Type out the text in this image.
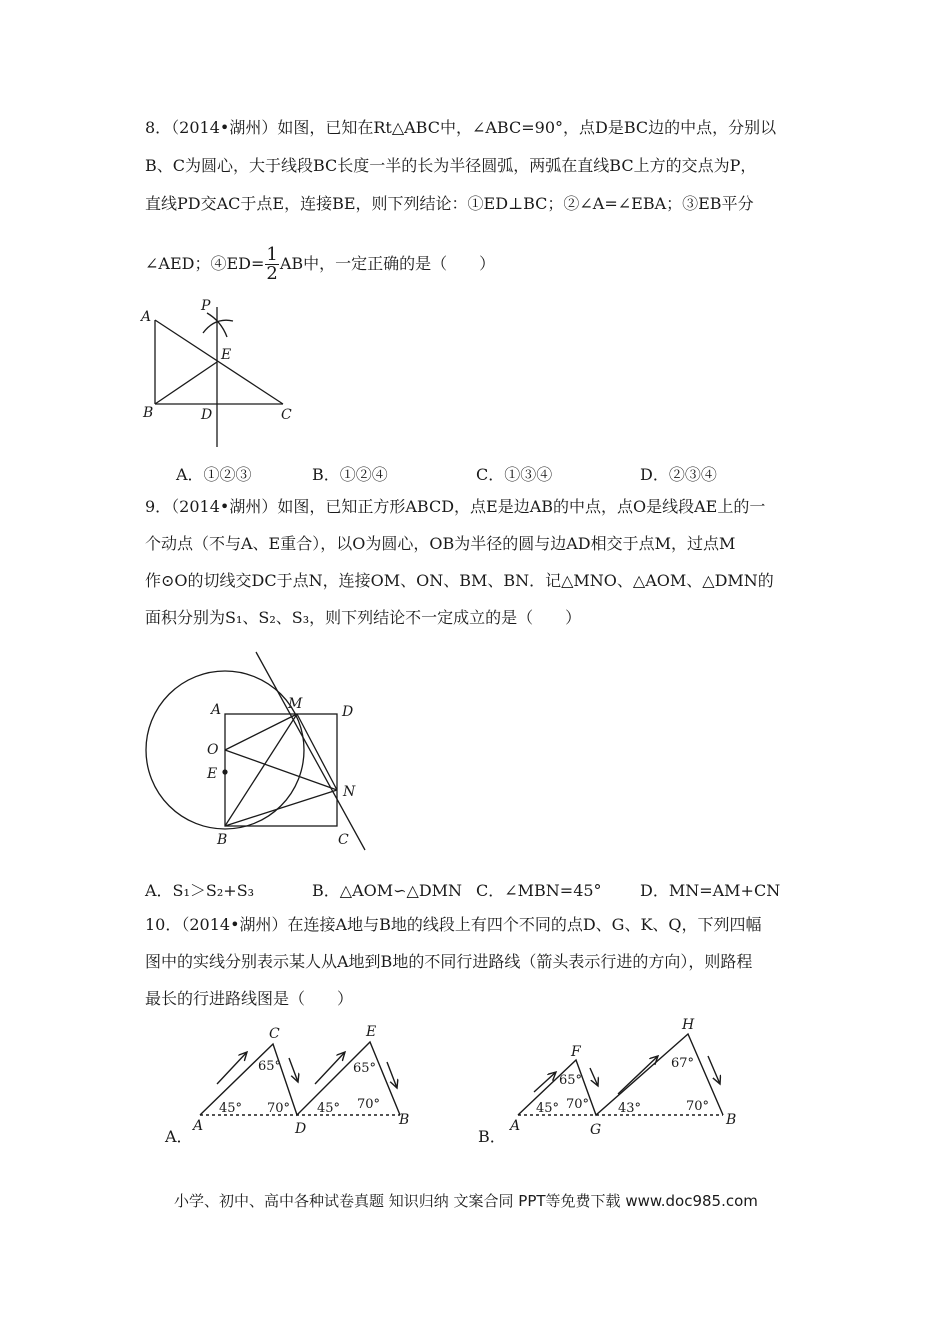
8．（2014•湖州）如图，已知在Rt△ABC中，∠ABC=90°，点D是BC边的中点，分别以
B、C为圆心，大于线段BC长度一半的长为半径圆弧，两弧在直线BC上方的交点为P，
直线PD交AC于点E，连接BE，则下列结论：①ED⊥BC；②∠A=∠EBA；③EB平分
∠AED；④ED= $\frac{1}{2}$ AB中，一定正确的是（　　）
A
P
E
B	D	C
A．①②③	B．①②④	C．①③④	D．②③④
9．（2014•湖州）如图，已知正方形ABCD，点E是边AB的中点，点O是线段AE上的一
个动点（不与A、E重合），以O为圆心，OB为半径的圆与边AD相交于点M，过点M
作⊙O的切线交DC于点N，连接OM、ON、BM、BN．记△MNO、△AOM、△DMN的
面积分别为S₁、S₂、S₃，则下列结论不一定成立的是（　　）
A	M	D
O
E
N
B	C
A．S₁＞S₂+S₃	B．△AOM∽△DMN C．∠MBN=45° D．MN=AM+CN
10．（2014•湖州）在连接A地与B地的线段上有四个不同的点D、G、K、Q，下列四幅
图中的实线分别表示某人从A地到B地的不同行进路线（箭头表示行进的方向），则路程
最长的行进路线图是（　　）
A．
C	E
A	D
B
45°
65°
70° 45°
65°
70°
B．
F
H
A	G
B
45°
65°
70° 43°
67°
70°
小学、初中、高中各种试卷真题 知识归纳 文案合同 PPT等免费下载 www.doc985.com
